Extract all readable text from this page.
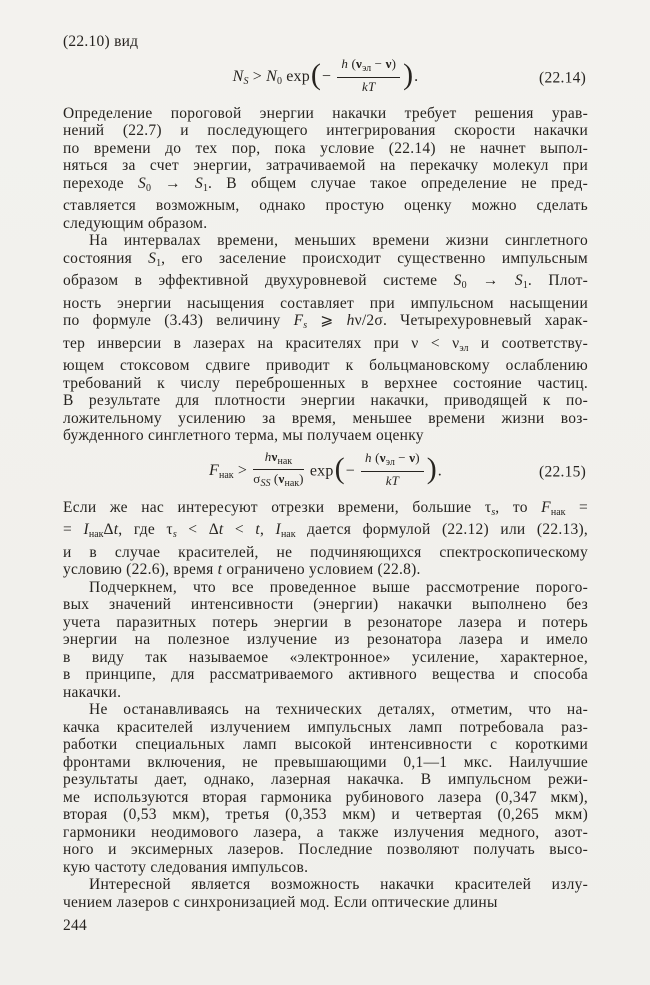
(22.10) вид
NS > N0 $\exp(- \frac{h (\nu_{эл} - \nu)}{kT}$ ).	(22.14)
Определение пороговой энергии накачки требует решения урав-
нений (22.7) и последующего интегрирования скорости накачки
по времени до тех пор, пока условие (22.14) не начнет выпол-
няться за счет энергии, затрачиваемой на перекачку молекул при
переходе S0 → S1. В общем случае такое определение не пред-
ставляется возможным, однако простую оценку можно сделать
следующим образом.
На интервалах времени, меньших времени жизни синглетного
состояния S1, его заселение происходит существенно импульсным
образом в эффективной двухуровневой системе S0 → S1. Плот-
ность энергии насыщения составляет при импульсном насыщении
по формуле (3.43) величину Fs ⩾ hν/2σ. Четырехуровневый харак-
тер инверсии в лазерах на красителях при ν < νэл и соответству-
ющем стоксовом сдвиге приводит к больцмановскому ослаблению
требований к числу переброшенных в верхнее состояние частиц.
В результате для плотности энергии накачки, приводящей к по-
ложительному усилению за время, меньшее времени жизни воз-
бужденного синглетного терма, мы получаем оценку
Fнак > $\frac{h\nu_{нак}}{\sigma_{SS} (\nu_{нак})} \exp(- \frac{h (\nu_{эл} - \nu)}{kT}$ ).	(22.15)
Если же нас интересуют отрезки времени, большие τs, то Fнак =
= IнакΔt, где τs < Δt < t, Iнак дается формулой (22.12) или (22.13),
и в случае красителей, не подчиняющихся спектроскопическому
условию (22.6), время t ограничено условием (22.8).
Подчеркнем, что все проведенное выше рассмотрение порого-
вых значений интенсивности (энергии) накачки выполнено без
учета паразитных потерь энергии в резонаторе лазера и потерь
энергии на полезное излучение из резонатора лазера и имело
в виду так называемое «электронное» усиление, характерное,
в принципе, для рассматриваемого активного вещества и способа
накачки.
Не останавливаясь на технических деталях, отметим, что на-
качка красителей излучением импульсных ламп потребовала раз-
работки специальных ламп высокой интенсивности с короткими
фронтами включения, не превышающими 0,1—1 мкс. Наилучшие
результаты дает, однако, лазерная накачка. В импульсном режи-
ме используются вторая гармоника рубинового лазера (0,347 мкм),
вторая (0,53 мкм), третья (0,353 мкм) и четвертая (0,265 мкм)
гармоники неодимового лазера, а также излучения медного, азот-
ного и эксимерных лазеров. Последние позволяют получать высо-
кую частоту следования импульсов.
Интересной является возможность накачки красителей излу-
чением лазеров с синхронизацией мод. Если оптические длины
244
